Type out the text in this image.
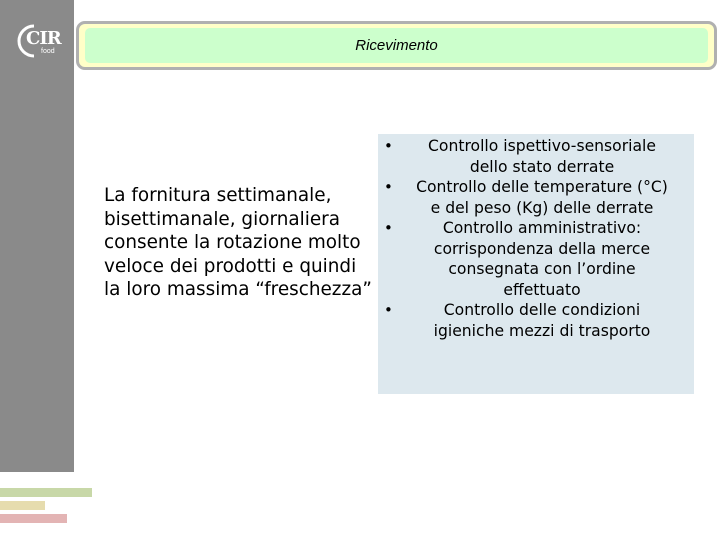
CIR
food	Ricevimento
La fornitura settimanale, bisettimanale, giornaliera consente la rotazione molto veloce dei prodotti e quindi la loro massima “freschezza”
• Controllo ispettivo-sensoriale dello stato derrate
• Controllo delle temperature (°C) e del peso (Kg) delle derrate
•	Controllo amministrativo: corrispondenza della merce consegnata con l’ordine effettuato
•	Controllo delle condizioni igieniche mezzi di trasporto
